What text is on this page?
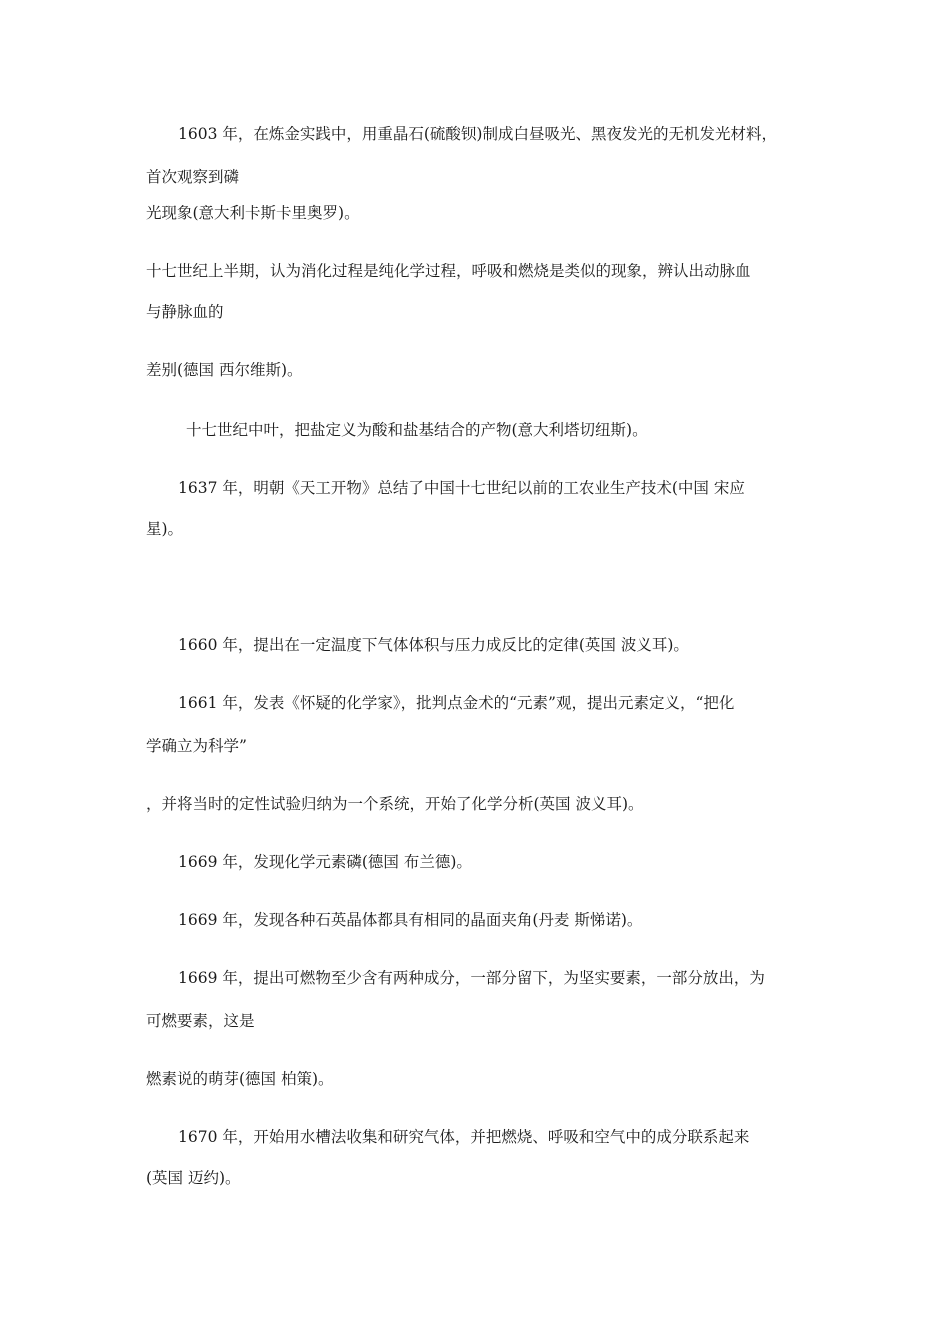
1603 年，在炼金实践中，用重晶石(硫酸钡)制成白昼吸光、黑夜发光的无机发光材料，
首次观察到磷
光现象(意大利卡斯卡里奥罗)。
十七世纪上半期，认为消化过程是纯化学过程，呼吸和燃烧是类似的现象，辨认出动脉血
与静脉血的
差别(德国 西尔维斯)。
十七世纪中叶，把盐定义为酸和盐基结合的产物(意大利塔切纽斯)。
1637 年，明朝《天工开物》总结了中国十七世纪以前的工农业生产技术(中国 宋应
星)。
1660 年，提出在一定温度下气体体积与压力成反比的定律(英国 波义耳)。
1661 年，发表《怀疑的化学家》，批判点金术的“元素”观，提出元素定义，“把化
学确立为科学”
，并将当时的定性试验归纳为一个系统，开始了化学分析(英国 波义耳)。
1669 年，发现化学元素磷(德国 布兰德)。
1669 年，发现各种石英晶体都具有相同的晶面夹角(丹麦 斯悌诺)。
1669 年，提出可燃物至少含有两种成分，一部分留下，为坚实要素，一部分放出，为
可燃要素，这是
燃素说的萌芽(德国 柏策)。
1670 年，开始用水槽法收集和研究气体，并把燃烧、呼吸和空气中的成分联系起来
(英国 迈约)。
